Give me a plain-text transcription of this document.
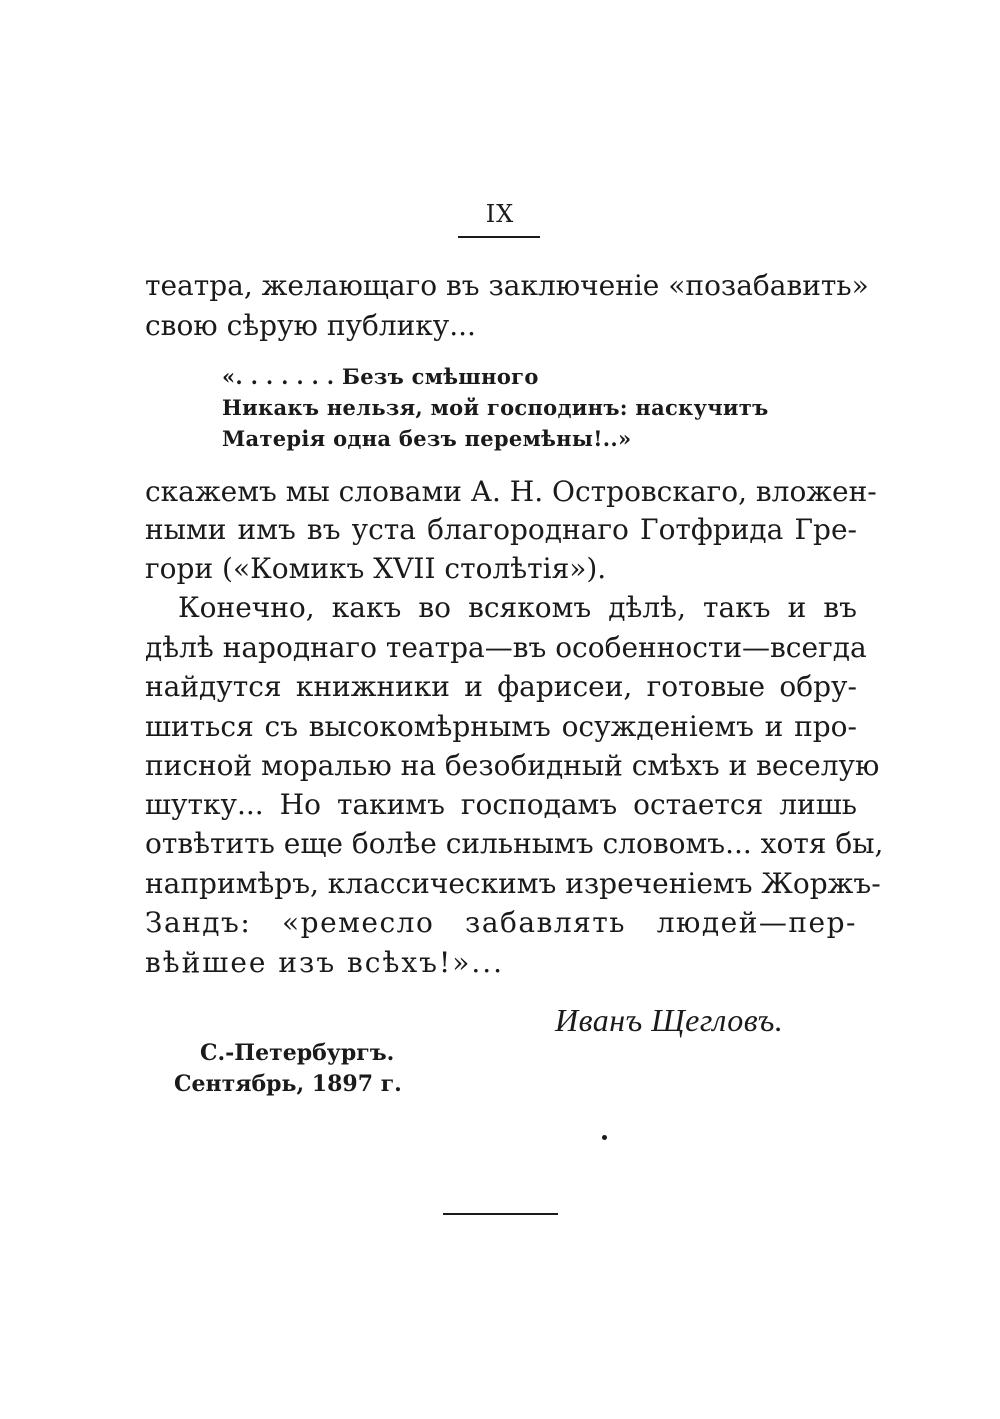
IX
театра, желающаго въ заключеніе «позабавить»
свою сѣрую публику...
«. . . . . . . Безъ смѣшного
Никакъ нельзя, мой господинъ: наскучитъ
Матерія одна безъ перемѣны!..»
скажемъ мы словами А. Н. Островскаго, вложен-
ными имъ въ уста благороднаго Готфрида Гре-
гори («Комикъ XVII столѣтія»).
Конечно, какъ во всякомъ дѣлѣ, такъ и въ
дѣлѣ народнаго театра—въ особенности—всегда
найдутся книжники и фарисеи, готовые обру-
шиться съ высокомѣрнымъ осужденіемъ и про-
писной моралью на безобидный смѣхъ и веселую
шутку... Но такимъ господамъ остается лишь
отвѣтить еще болѣе сильнымъ словомъ... хотя бы,
напримѣръ, классическимъ изреченіемъ Жоржъ-
Зандъ: «ремесло забавлять людей—пер-
вѣйшее изъ всѣхъ!»...
Иванъ Щегловъ.
С.-Петербургъ.
Сентябрь, 1897 г.
